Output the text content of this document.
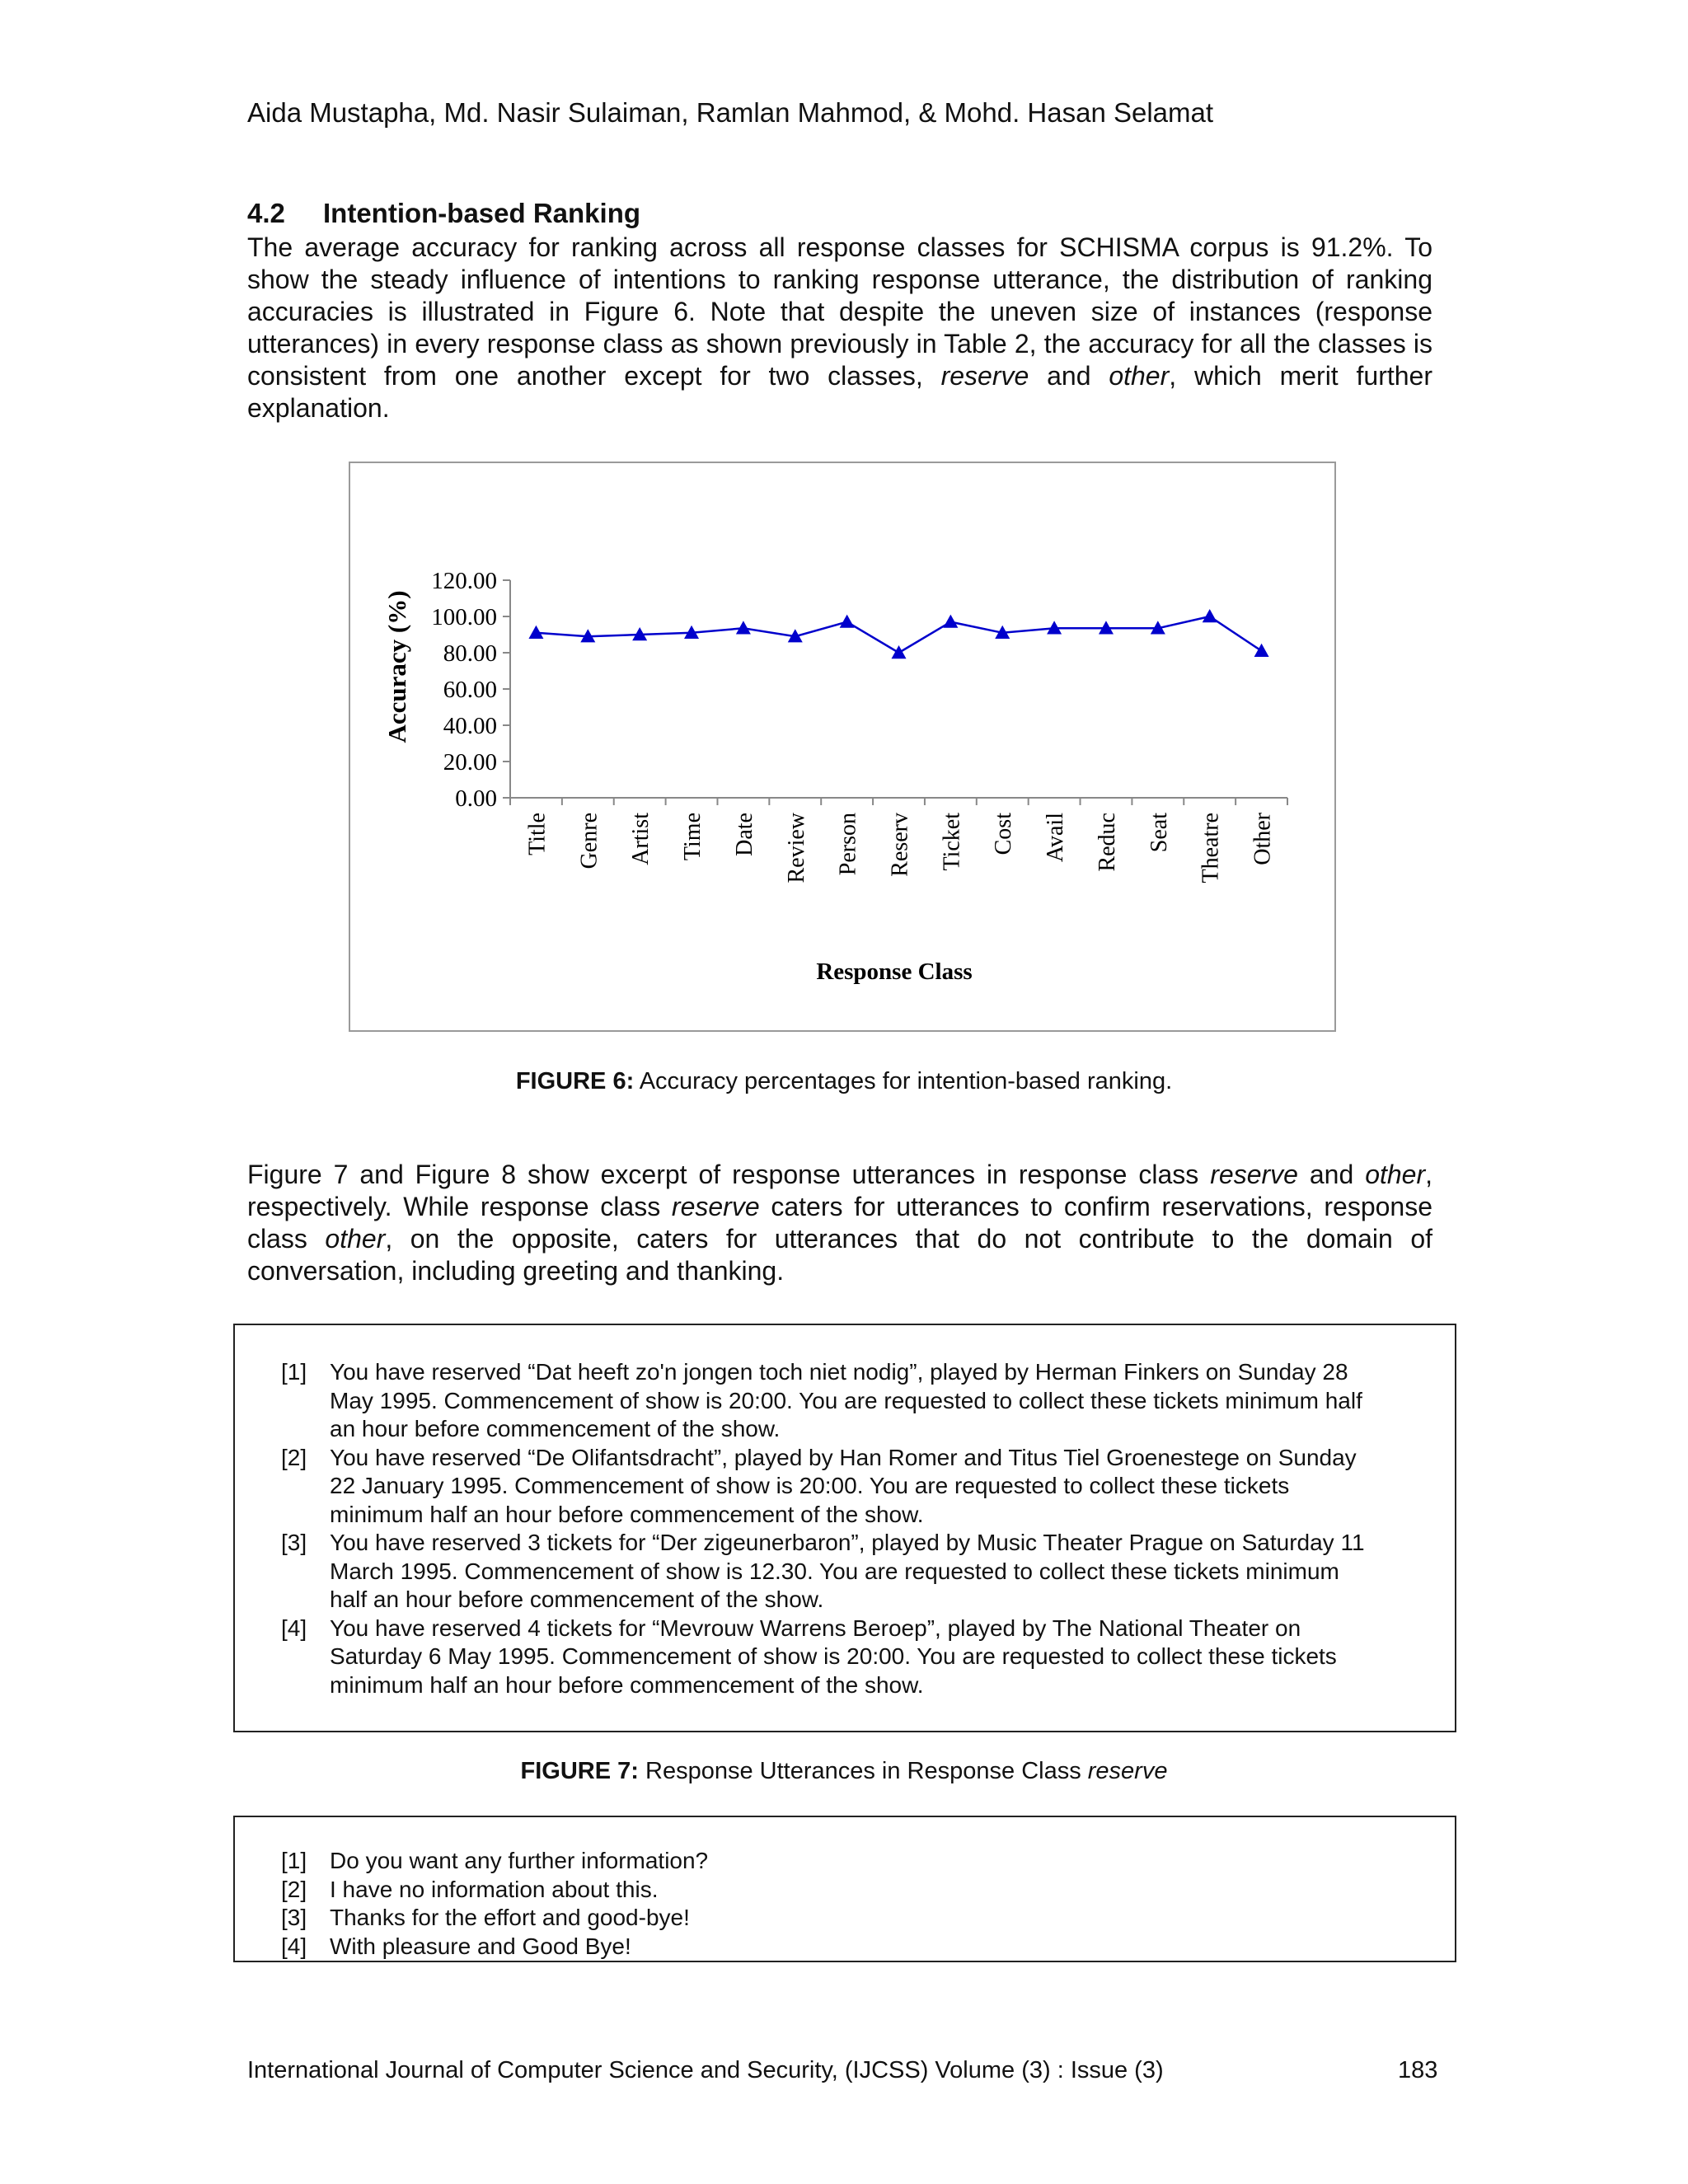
Aida Mustapha, Md. Nasir Sulaiman, Ramlan Mahmod, & Mohd. Hasan Selamat
4.2 Intention-based Ranking
The average accuracy for ranking across all response classes for SCHISMA corpus is 91.2%. To show the steady influence of intentions to ranking response utterance, the distribution of ranking accuracies is illustrated in Figure 6. Note that despite the uneven size of instances (response utterances) in every response class as shown previously in Table 2, the accuracy for all the classes is consistent from one another except for two classes, reserve and other, which merit further explanation.
0.00
20.00
40.00
60.00
80.00
100.00
120.00
Title Genre Artist Time Date Review Person Reserv Ticket Cost Avail Reduc Seat Theatre Other
Accuracy (%)
Response Class
FIGURE 6: Accuracy percentages for intention-based ranking.
Figure 7 and Figure 8 show excerpt of response utterances in response class reserve and other, respectively. While response class reserve caters for utterances to confirm reservations, response class other, on the opposite, caters for utterances that do not contribute to the domain of conversation, including greeting and thanking.
[1] You have reserved “Dat heeft zo'n jongen toch niet nodig”, played by Herman Finkers on Sunday 28 May 1995. Commencement of show is 20:00. You are requested to collect these tickets minimum half an hour before commencement of the show.
[2] You have reserved “De Olifantsdracht”, played by Han Romer and Titus Tiel Groenestege on Sunday 22 January 1995. Commencement of show is 20:00. You are requested to collect these tickets minimum half an hour before commencement of the show.
[3] You have reserved 3 tickets for “Der zigeunerbaron”, played by Music Theater Prague on Saturday 11 March 1995. Commencement of show is 12.30. You are requested to collect these tickets minimum half an hour before commencement of the show.
[4] You have reserved 4 tickets for “Mevrouw Warrens Beroep”, played by The National Theater on Saturday 6 May 1995. Commencement of show is 20:00. You are requested to collect these tickets minimum half an hour before commencement of the show.
FIGURE 7: Response Utterances in Response Class reserve
[1] Do you want any further information?
[2] I have no information about this.
[3] Thanks for the effort and good-bye!
[4] With pleasure and Good Bye!
International Journal of Computer Science and Security, (IJCSS) Volume (3) : Issue (3)	183
